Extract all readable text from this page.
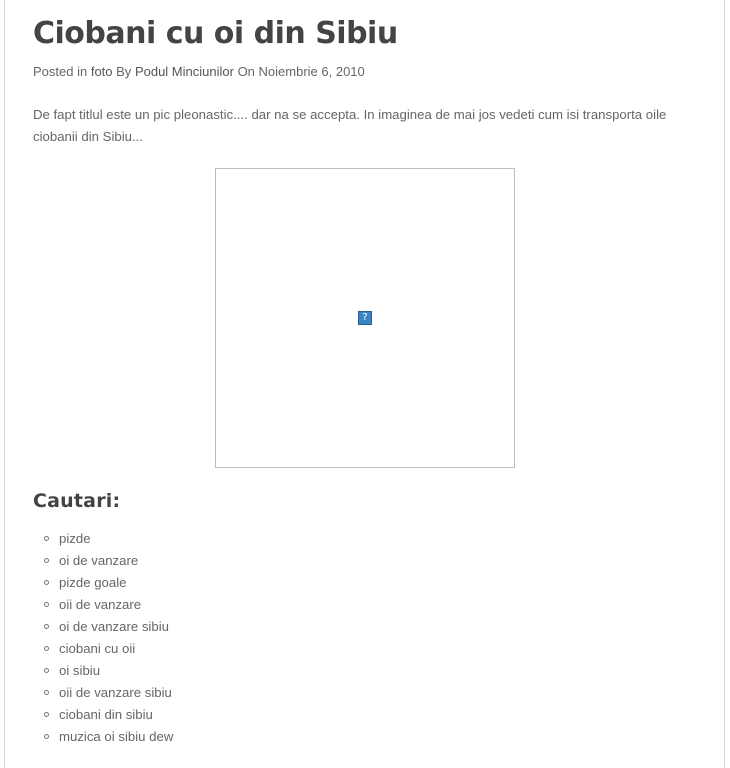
Ciobani cu oi din Sibiu
Posted in foto By Podul Minciunilor On Noiembrie 6, 2010

De fapt titlul este un pic pleonastic.... dar na se accepta. In imaginea de mai jos vedeti cum isi transporta oile ciobanii din Sibiu...

?
Cautari:
pizde
oi de vanzare
pizde goale
oii de vanzare
oi de vanzare sibiu
ciobani cu oii
oi sibiu
oii de vanzare sibiu
ciobani din sibiu
muzica oi sibiu dew
